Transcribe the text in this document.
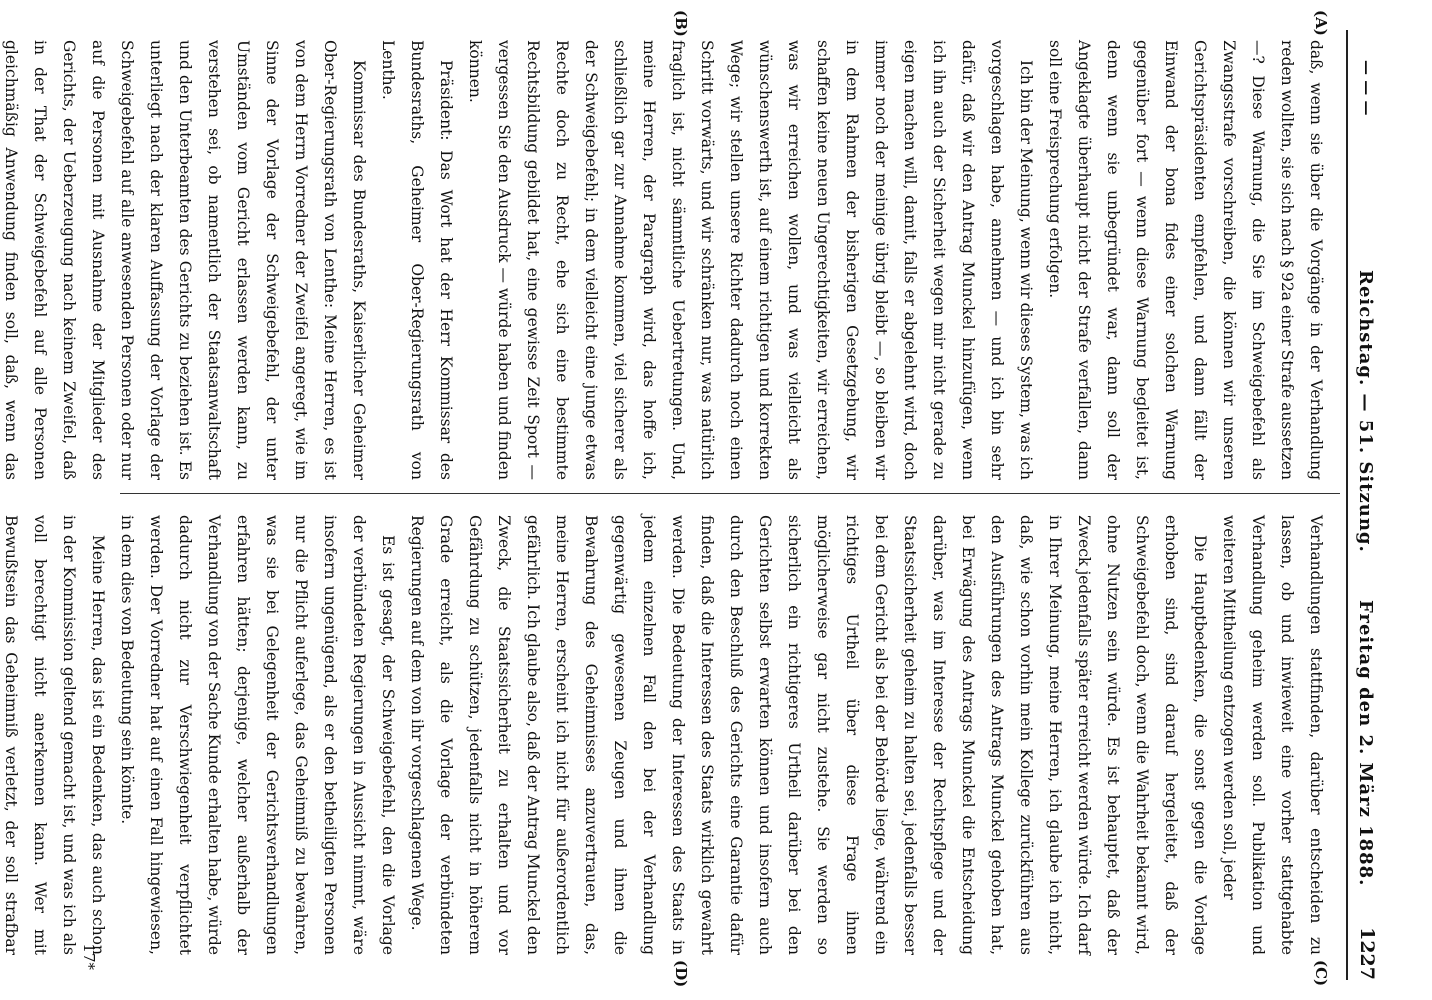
— — —
Reichstag. — 51. Sitzung.
Freitag den 2. März 1888.
1227
(A)
(B)
(C)
(D)

daß, wenn sie über die Vorgänge in der Verhandlung reden wollten, sie sich nach § 92a einer Strafe aussetzen —? Diese Warnung, die Sie im Schweigebefehl als Zwangsstrafe vorschreiben, die können wir unseren Gerichtspräsidenten empfehlen, und dann fällt der Einwand der bona fides einer solchen Warnung gegenüber fort — wenn diese Warnung begleitet ist, denn wenn sie unbegründet war, dann soll der Angeklagte überhaupt nicht der Strafe verfallen, dann soll eine Freisprechung erfolgen.

Ich bin der Meinung, wenn wir dieses System, was ich vorgeschlagen habe, annehmen — und ich bin sehr dafür, daß wir den Antrag Munckel hinzufügen, wenn ich ihn auch der Sicherheit wegen mir nicht gerade zu eigen machen will, damit, falls er abgelehnt wird, doch immer noch der meinige übrig bleibt —, so bleiben wir in dem Rahmen der bisherigen Gesetzgebung, wir schaffen keine neuen Ungerechtigkeiten, wir erreichen, was wir erreichen wollen, und was vielleicht als wünschenswerth ist, auf einem richtigen und korrekten Wege; wir stellen unsere Richter dadurch noch einen Schritt vorwärts, und wir schränken nur, was natürlich fraglich ist, nicht sämmtliche Uebertretungen. Und, meine Herren, der Paragraph wird, das hoffe ich, schließlich gar zur Annahme kommen, viel sicherer als der Schweigebefehl; in dem vielleicht eine junge etwas Rechte doch zu Recht, ehe sich eine bestimmte Rechtsbildung gebildet hat, eine gewisse Zeit Sport — vergessen Sie den Ausdruck — würde haben und finden können.

Präsident: Das Wort hat der Herr Kommissar des Bundesraths, Geheimer Ober-Regierungsrath von Lenthe.

Kommissar des Bundesraths, Kaiserlicher Geheimer Ober-Regierungsrath von Lenthe: Meine Herren, es ist von dem Herrn Vorredner der Zweifel angeregt, wie im Sinne der Vorlage der Schweigebefehl, der unter Umständen vom Gericht erlassen werden kann, zu verstehen sei, ob namentlich der Staatsanwaltschaft und den Unterbeamten des Gerichts zu beziehen ist. Es unterliegt nach der klaren Auffassung der Vorlage der Schweigebefehl auf alle anwesenden Personen oder nur auf die Personen mit Ausnahme der Mitglieder des Gerichts, der Ueberzeugung nach keinem Zweifel, daß in der That der Schweigebefehl auf alle Personen gleichmäßig Anwendung finden soll, daß, wenn das

Verhandlungen stattfinden, darüber entscheiden zu lassen, ob und inwieweit eine vorher stattgehabte Verhandlung geheim werden soll. Publikation und weiteren Mittheilung entzogen werden soll, jeder

Die Hauptbedenken, die sonst gegen die Vorlage erhoben sind, sind darauf hergeleitet, daß der Schweigebefehl doch, wenn die Wahrheit bekannt wird, ohne Nutzen sein würde. Es ist behauptet, daß der Zweck jedenfalls später erreicht werden würde. Ich darf in Ihrer Meinung, meine Herren, ich glaube ich nicht, daß, wie schon vorhin mein Kollege zurückführen aus den Ausführungen des Antrags Munckel gehoben hat, bei Erwägung des Antrags Munckel die Entscheidung darüber, was im Interesse der Rechtspflege und der Staatssicherheit geheim zu halten sei, jedenfalls besser bei dem Gericht als bei der Behörde liege, während ein richtiges Urtheil über diese Frage ihnen möglicherweise gar nicht zustehe. Sie werden so sicherlich ein richtigeres Urtheil darüber bei den Gerichten selbst erwarten können und insofern auch durch den Beschluß des Gerichts eine Garantie dafür finden, daß die Interessen des Staats wirklich gewahrt werden. Die Bedeutung der Interessen des Staats in jedem einzelnen Fall den bei der Verhandlung gegenwärtig gewesenen Zeugen und ihnen die Bewahrung des Geheimnisses anzuvertrauen, das, meine Herren, erscheint ich nicht für außerordentlich gefährlich. Ich glaube also, daß der Antrag Munckel den Zweck, die Staatssicherheit zu erhalten und vor Gefährdung zu schützen, jedenfalls nicht in höherem Grade erreicht, als die Vorlage der verbündeten Regierungen auf dem von ihr vorgeschlagenen Wege.

Es ist gesagt, der Schweigebefehl, den die Vorlage der verbündeten Regierungen in Aussicht nimmt, wäre insofern ungenügend, als er den betheiligten Personen nur die Pflicht auferlege, das Geheimniß zu bewahren, was sie bei Gelegenheit der Gerichtsverhandlungen erfahren hätten; derjenige, welcher außerhalb der Verhandlung von der Sache Kunde erhalten habe, würde dadurch nicht zur Verschwiegenheit verpflichtet werden. Der Vorredner hat auf einen Fall hingewiesen, in dem dies von Bedeutung sein könnte.

Meine Herren, das ist ein Bedenken, das auch schon in der Kommission geltend gemacht ist, und was ich als voll berechtigt nicht anerkennen kann. Wer mit Bewußtsein das Geheimniß verletzt, der soll strafbar

17*
